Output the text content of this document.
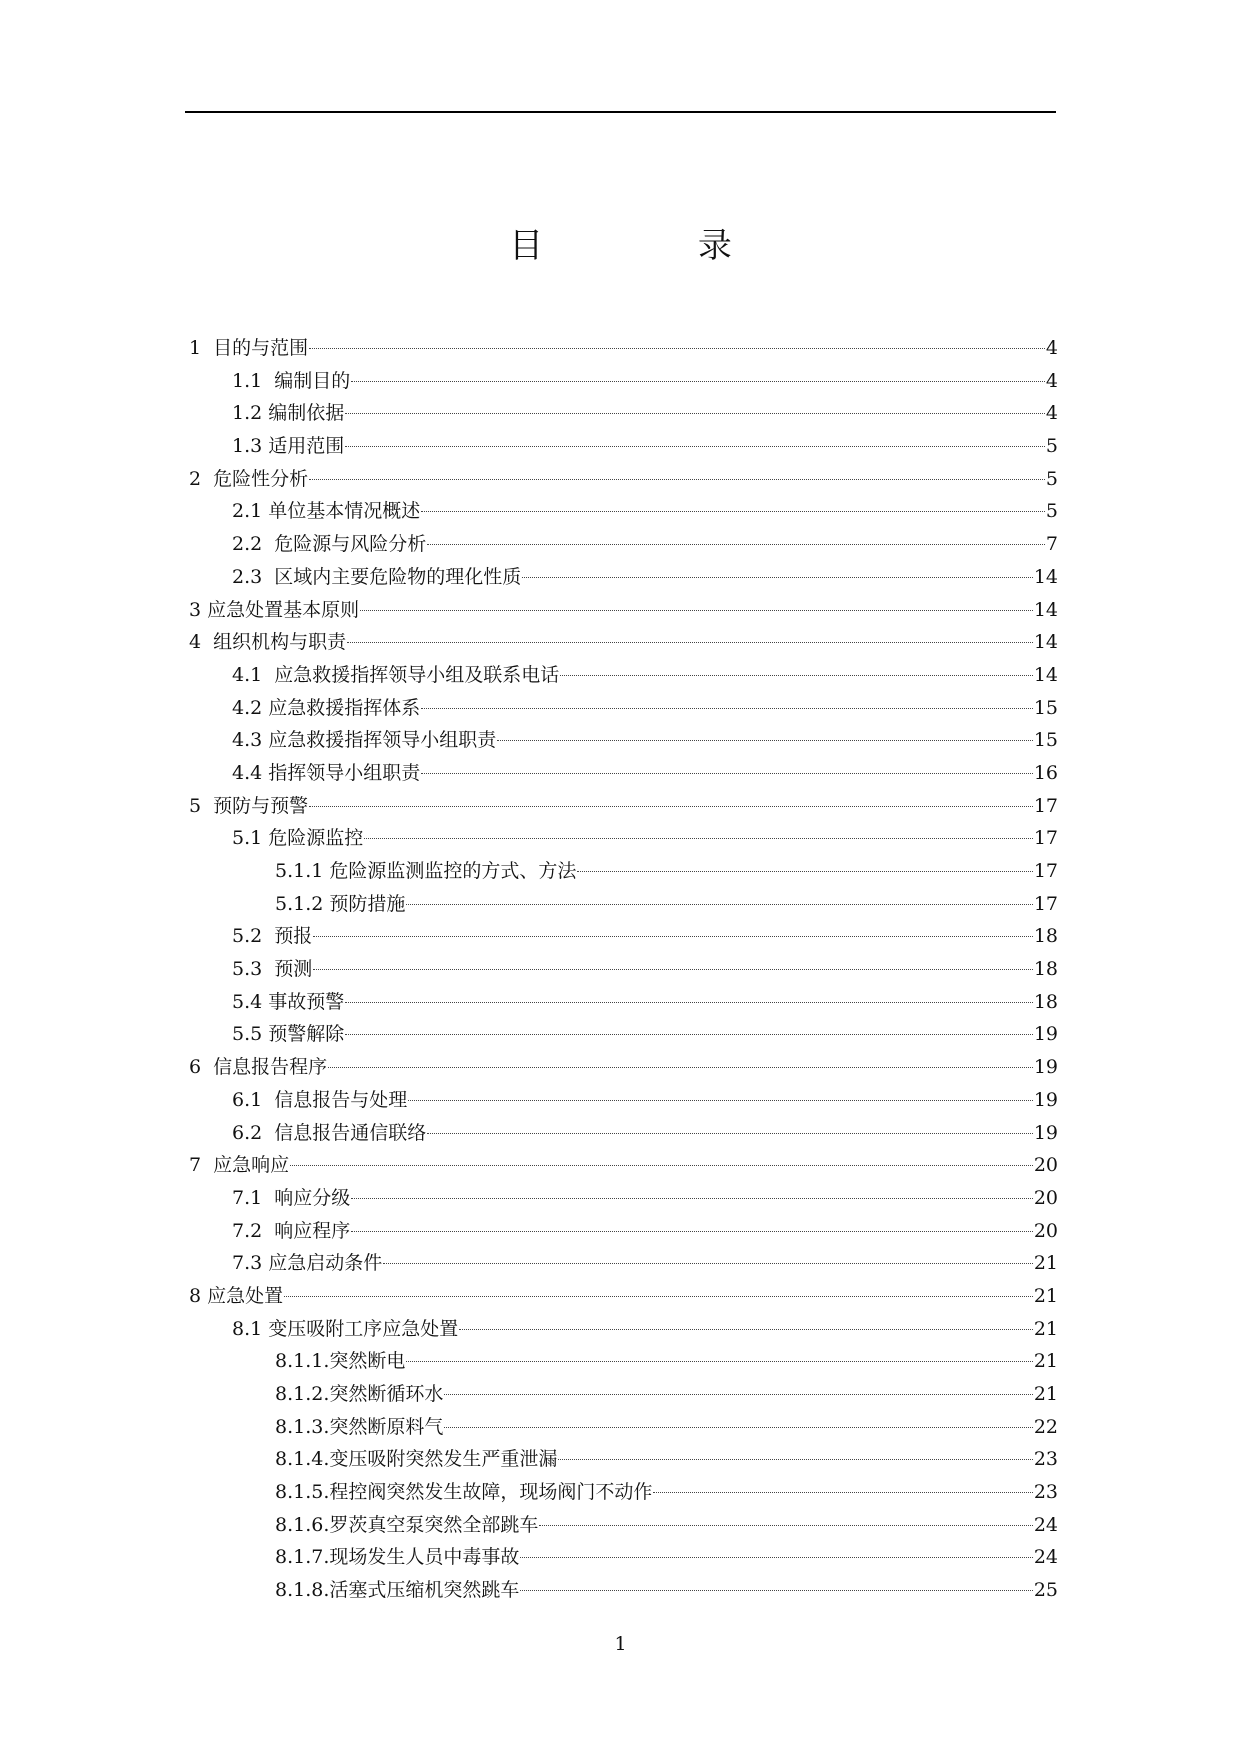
目 录
1 目的与范围	4
1.1 编制目的	4
1.2 编制依据	4
1.3 适用范围	5
2 危险性分析	5
2.1 单位基本情况概述	5
2.2 危险源与风险分析	7
2.3 区域内主要危险物的理化性质	14
3 应急处置基本原则	14
4 组织机构与职责	14
4.1 应急救援指挥领导小组及联系电话	14
4.2 应急救援指挥体系	15
4.3 应急救援指挥领导小组职责	15
4.4 指挥领导小组职责	16
5 预防与预警	17
5.1 危险源监控	17
5.1.1 危险源监测监控的方式、方法	17
5.1.2 预防措施	17
5.2 预报	18
5.3 预测	18
5.4 事故预警	18
5.5 预警解除	19
6 信息报告程序	19
6.1 信息报告与处理	19
6.2 信息报告通信联络	19
7 应急响应	20
7.1 响应分级	20
7.2 响应程序	20
7.3 应急启动条件	21
8 应急处置	21
8.1 变压吸附工序应急处置	21
8.1.1. 突然断电	21
8.1.2. 突然断循环水	21
8.1.3. 突然断原料气	22
8.1.4. 变压吸附突然发生严重泄漏	23
8.1.5. 程控阀突然发生故障，现场阀门不动作	23
8.1.6. 罗茨真空泵突然全部跳车	24
8.1.7. 现场发生人员中毒事故	24
8.1.8. 活塞式压缩机突然跳车	25
1
